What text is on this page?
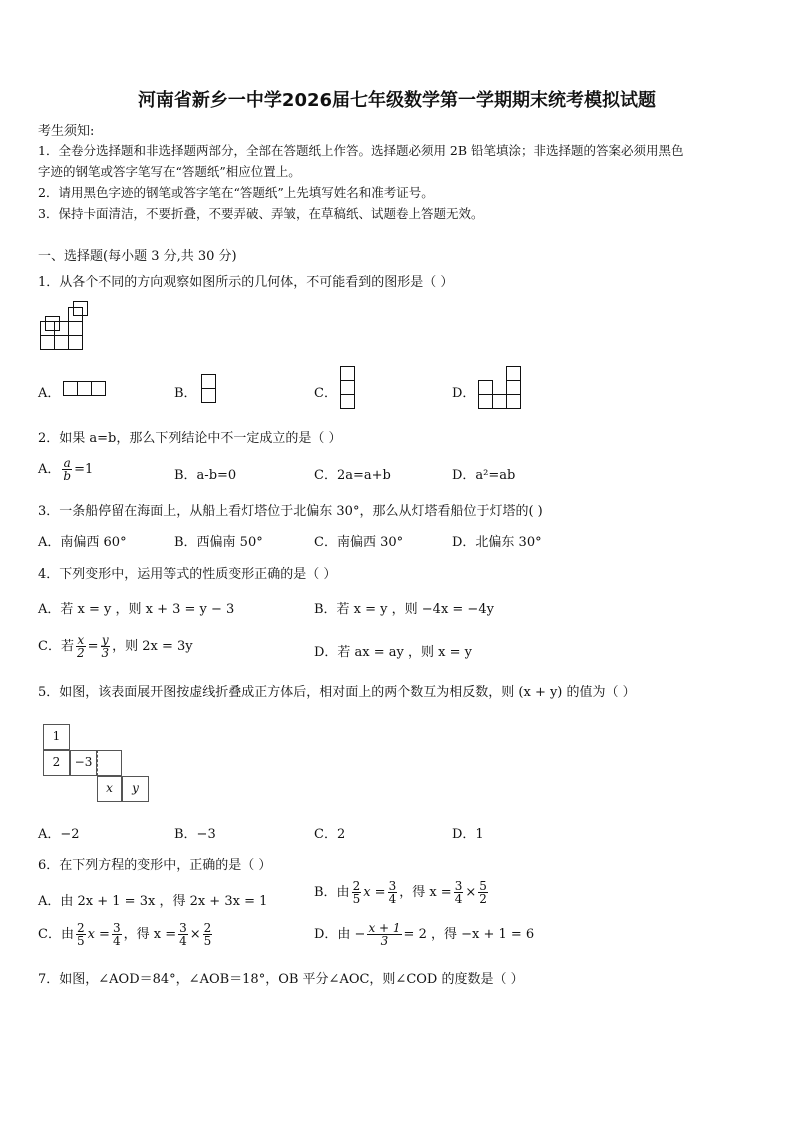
河南省新乡一中学2026届七年级数学第一学期期末统考模拟试题
考生须知:
1．全卷分选择题和非选择题两部分，全部在答题纸上作答。选择题必须用 2B 铅笔填涂；非选择题的答案必须用黑色
字迹的钢笔或答字笔写在“答题纸”相应位置上。
2．请用黑色字迹的钢笔或答字笔在“答题纸”上先填写姓名和准考证号。
3．保持卡面清洁，不要折叠，不要弄破、弄皱，在草稿纸、试题卷上答题无效。
一、选择题(每小题 3 分,共 30 分)
1．从各个不同的方向观察如图所示的几何体，不可能看到的图形是（ ）
A．	B．	C．	D．
2．如果 a=b，那么下列结论中不一定成立的是（ ）
A． $\frac{a}{b} =1$	B．a-b=0	C．2a=a+b	D．a²=ab
3．一条船停留在海面上，从船上看灯塔位于北偏东 30°，那么从灯塔看船位于灯塔的( )
A．南偏西 60°	B．西偏南 50°	C．南偏西 30°	D．北偏东 30°
4．下列变形中，运用等式的性质变形正确的是（ ）
A．若 x = y ，则 x + 3 = y − 3	B．若 x = y ，则 −4x = −4y
C．若 $\frac{x}{2} = \frac{y}{3}$ ，则 2x = 3y	D．若 ax = ay ，则 x = y
5．如图，该表面展开图按虚线折叠成正方体后，相对面上的两个数互为相反数，则 (x + y) 的值为（ ）
1
2	−3
x	y
A．−2	B．−3	C．2	D．1
6．在下列方程的变形中，正确的是（ ）
A．由 2x + 1 = 3x ，得 2x + 3x = 1
B．由 $\frac{2}{5}$ $x = \frac{3}{4}$ ，得 $x = \frac{3}{4} \times \frac{5}{2}$
C．由 $\frac{2}{5}$ $x = \frac{3}{4}$ ，得 $x = \frac{3}{4} \times \frac{2}{5}$	D．由 − $\frac{x + 1}{3} = 2$ ，得 −x + 1 = 6
7．如图，∠AOD＝84°，∠AOB＝18°，OB 平分∠AOC，则∠COD 的度数是（ ）
